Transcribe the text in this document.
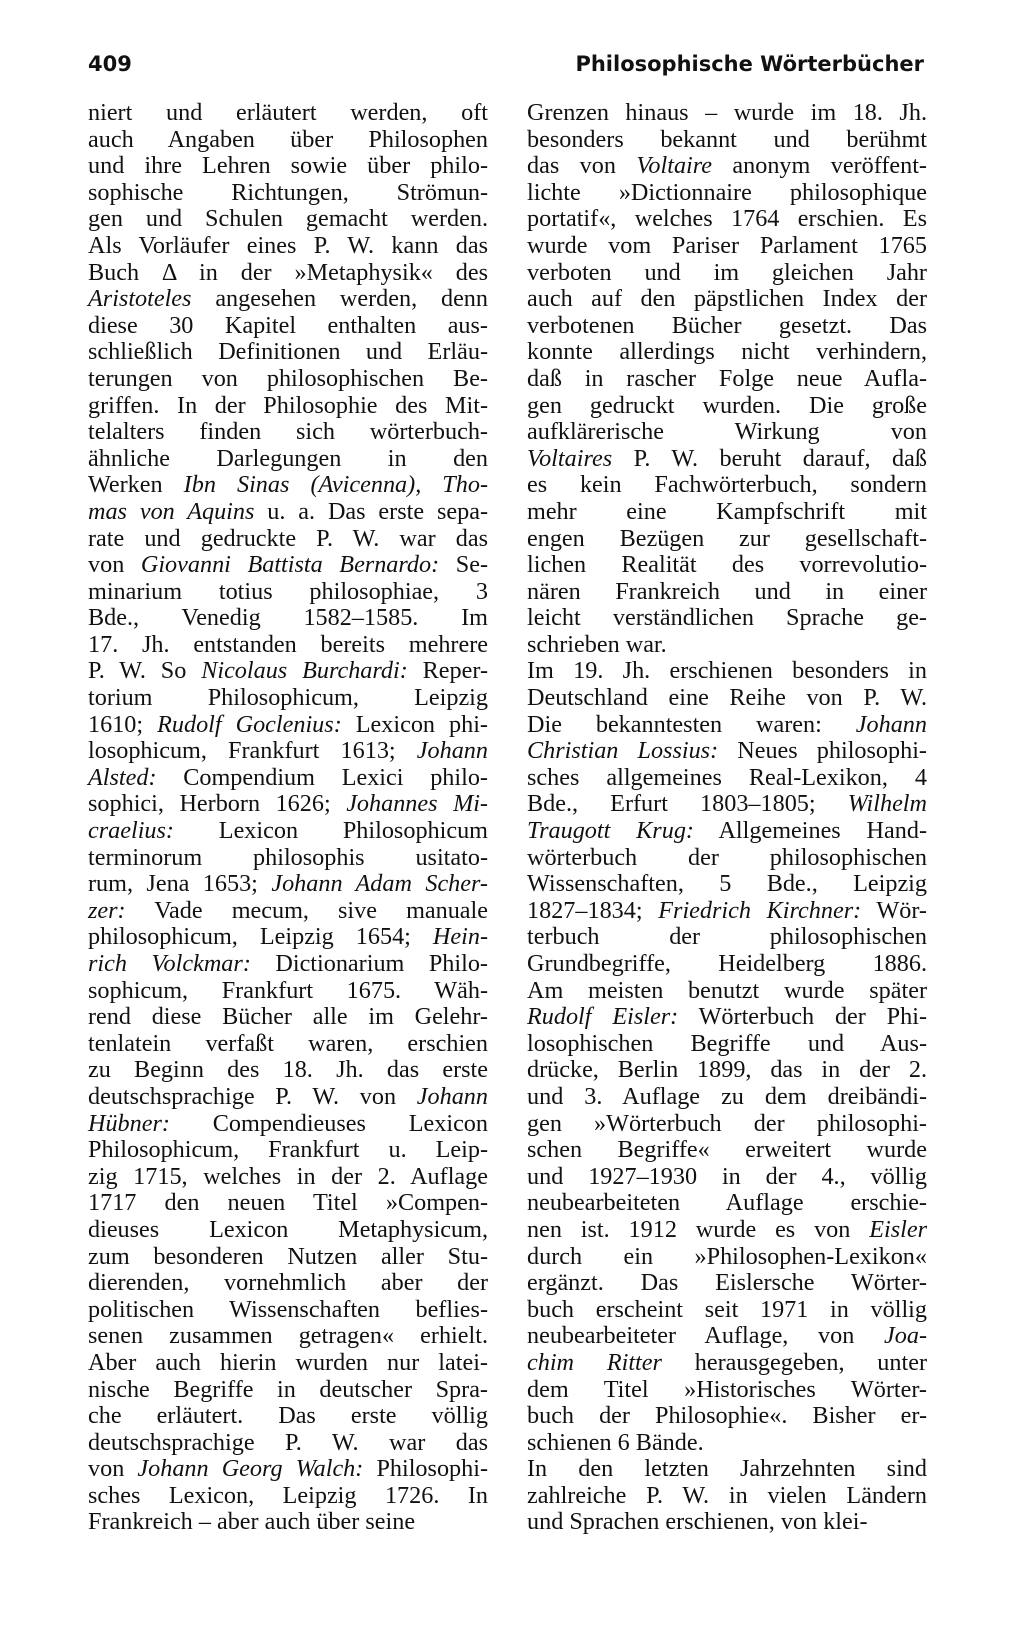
409	Philosophische Wörterbücher
niert und erläutert werden, oft
auch Angaben über Philosophen
und ihre Lehren sowie über philo-
sophische Richtungen, Strömun-
gen und Schulen gemacht werden.
Als Vorläufer eines P. W. kann das
Buch Δ in der »Metaphysik« des
Aristoteles angesehen werden, denn
diese 30 Kapitel enthalten aus-
schließlich Definitionen und Erläu-
terungen von philosophischen Be-
griffen. In der Philosophie des Mit-
telalters finden sich wörterbuch-
ähnliche Darlegungen in den
Werken Ibn Sinas (Avicenna), Tho-
mas von Aquins u. a. Das erste sepa-
rate und gedruckte P. W. war das
von Giovanni Battista Bernardo: Se-
minarium totius philosophiae, 3
Bde., Venedig 1582–1585. Im
17. Jh. entstanden bereits mehrere
P. W. So Nicolaus Burchardi: Reper-
torium Philosophicum, Leipzig
1610; Rudolf Goclenius: Lexicon phi-
losophicum, Frankfurt 1613; Johann
Alsted: Compendium Lexici philo-
sophici, Herborn 1626; Johannes Mi-
craelius: Lexicon Philosophicum
terminorum philosophis usitato-
rum, Jena 1653; Johann Adam Scher-
zer: Vade mecum, sive manuale
philosophicum, Leipzig 1654; Hein-
rich Volckmar: Dictionarium Philo-
sophicum, Frankfurt 1675. Wäh-
rend diese Bücher alle im Gelehr-
tenlatein verfaßt waren, erschien
zu Beginn des 18. Jh. das erste
deutschsprachige P. W. von Johann
Hübner: Compendieuses Lexicon
Philosophicum, Frankfurt u. Leip-
zig 1715, welches in der 2. Auflage
1717 den neuen Titel »Compen-
dieuses Lexicon Metaphysicum,
zum besonderen Nutzen aller Stu-
dierenden, vornehmlich aber der
politischen Wissenschaften beflies-
senen zusammen getragen« erhielt.
Aber auch hierin wurden nur latei-
nische Begriffe in deutscher Spra-
che erläutert. Das erste völlig
deutschsprachige P. W. war das
von Johann Georg Walch: Philosophi-
sches Lexicon, Leipzig 1726. In
Frankreich – aber auch über seine
Grenzen hinaus – wurde im 18. Jh.
besonders bekannt und berühmt
das von Voltaire anonym veröffent-
lichte »Dictionnaire philosophique
portatif«, welches 1764 erschien. Es
wurde vom Pariser Parlament 1765
verboten und im gleichen Jahr
auch auf den päpstlichen Index der
verbotenen Bücher gesetzt. Das
konnte allerdings nicht verhindern,
daß in rascher Folge neue Aufla-
gen gedruckt wurden. Die große
aufklärerische Wirkung von
Voltaires P. W. beruht darauf, daß
es kein Fachwörterbuch, sondern
mehr eine Kampfschrift mit
engen Bezügen zur gesellschaft-
lichen Realität des vorrevolutio-
nären Frankreich und in einer
leicht verständlichen Sprache ge-
schrieben war.
Im 19. Jh. erschienen besonders in
Deutschland eine Reihe von P. W.
Die bekanntesten waren: Johann
Christian Lossius: Neues philosophi-
sches allgemeines Real-Lexikon, 4
Bde., Erfurt 1803–1805; Wilhelm
Traugott Krug: Allgemeines Hand-
wörterbuch der philosophischen
Wissenschaften, 5 Bde., Leipzig
1827–1834; Friedrich Kirchner: Wör-
terbuch der philosophischen
Grundbegriffe, Heidelberg 1886.
Am meisten benutzt wurde später
Rudolf Eisler: Wörterbuch der Phi-
losophischen Begriffe und Aus-
drücke, Berlin 1899, das in der 2.
und 3. Auflage zu dem dreibändi-
gen »Wörterbuch der philosophi-
schen Begriffe« erweitert wurde
und 1927–1930 in der 4., völlig
neubearbeiteten Auflage erschie-
nen ist. 1912 wurde es von Eisler
durch ein »Philosophen-Lexikon«
ergänzt. Das Eislersche Wörter-
buch erscheint seit 1971 in völlig
neubearbeiteter Auflage, von Joa-
chim Ritter herausgegeben, unter
dem Titel »Historisches Wörter-
buch der Philosophie«. Bisher er-
schienen 6 Bände.
In den letzten Jahrzehnten sind
zahlreiche P. W. in vielen Ländern
und Sprachen erschienen, von klei-
